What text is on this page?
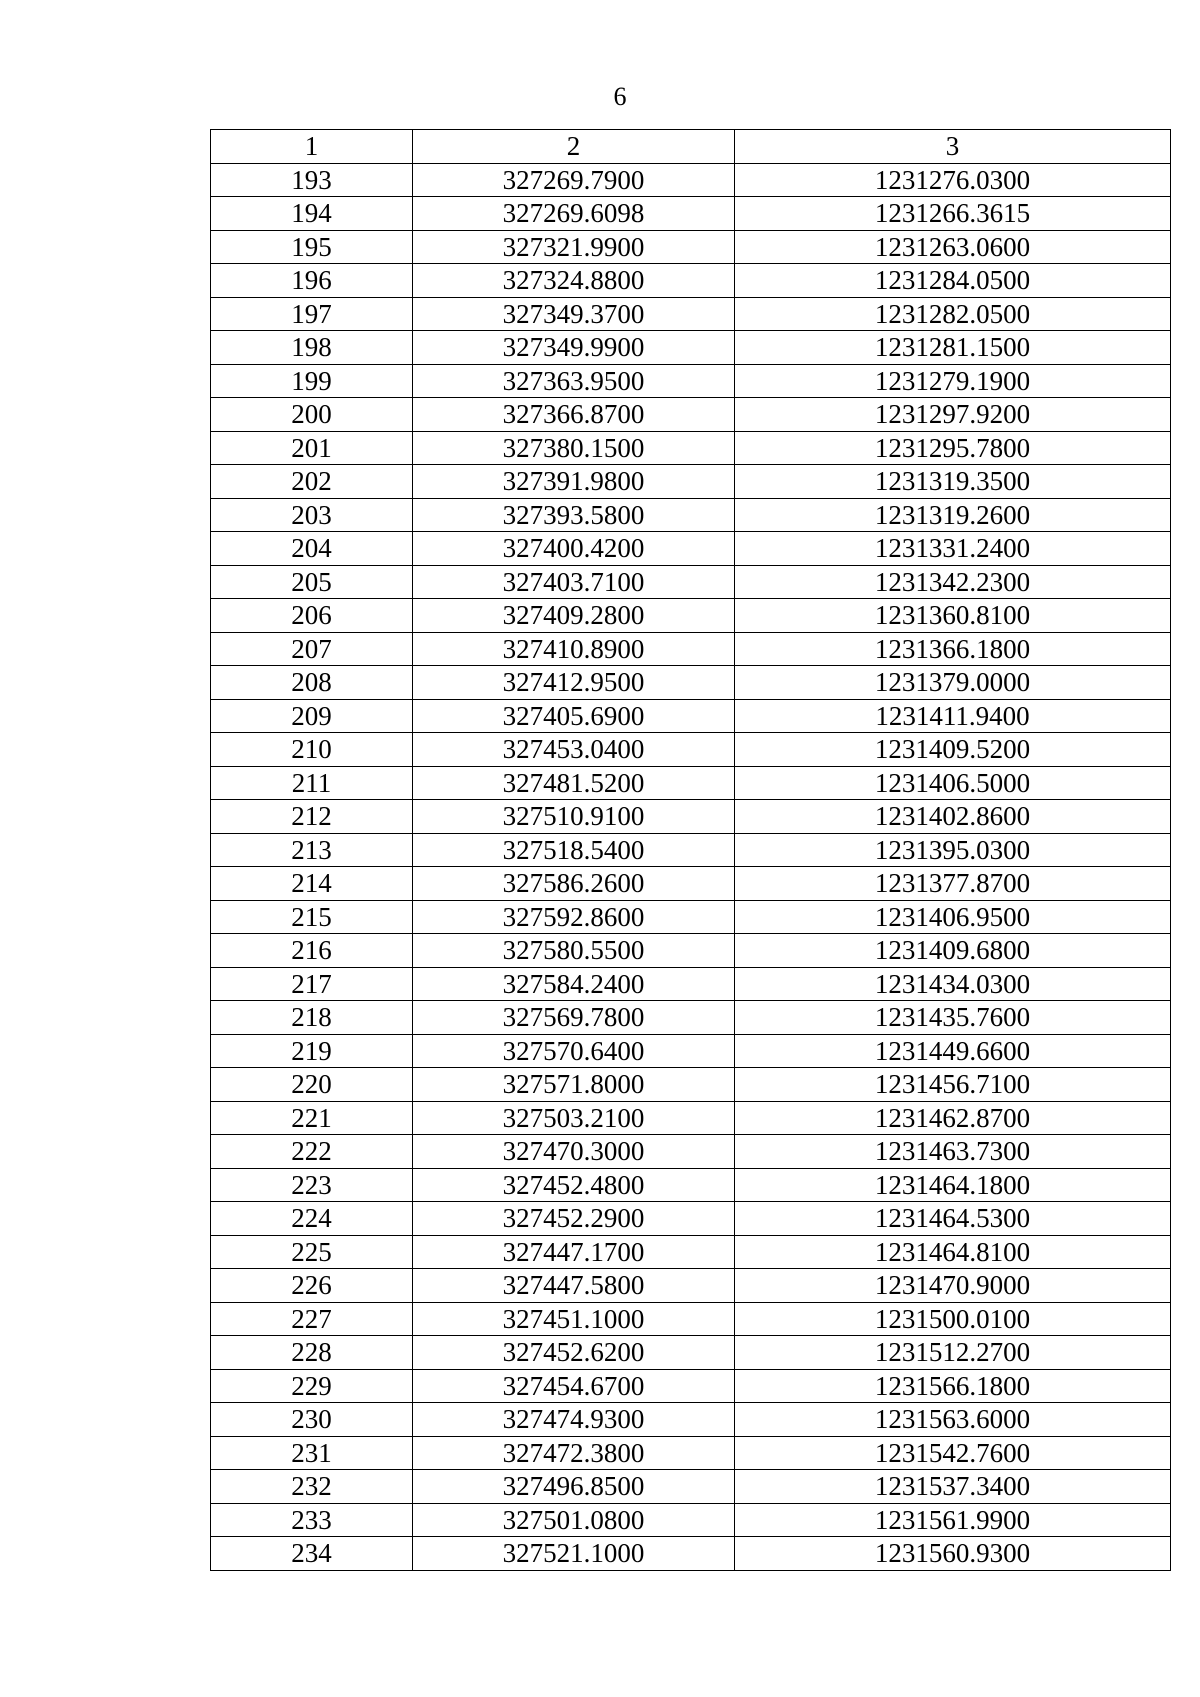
6
1	2	3
193	327269.7900	1231276.0300
194	327269.6098	1231266.3615
195	327321.9900	1231263.0600
196	327324.8800	1231284.0500
197	327349.3700	1231282.0500
198	327349.9900	1231281.1500
199	327363.9500	1231279.1900
200	327366.8700	1231297.9200
201	327380.1500	1231295.7800
202	327391.9800	1231319.3500
203	327393.5800	1231319.2600
204	327400.4200	1231331.2400
205	327403.7100	1231342.2300
206	327409.2800	1231360.8100
207	327410.8900	1231366.1800
208	327412.9500	1231379.0000
209	327405.6900	1231411.9400
210	327453.0400	1231409.5200
211	327481.5200	1231406.5000
212	327510.9100	1231402.8600
213	327518.5400	1231395.0300
214	327586.2600	1231377.8700
215	327592.8600	1231406.9500
216	327580.5500	1231409.6800
217	327584.2400	1231434.0300
218	327569.7800	1231435.7600
219	327570.6400	1231449.6600
220	327571.8000	1231456.7100
221	327503.2100	1231462.8700
222	327470.3000	1231463.7300
223	327452.4800	1231464.1800
224	327452.2900	1231464.5300
225	327447.1700	1231464.8100
226	327447.5800	1231470.9000
227	327451.1000	1231500.0100
228	327452.6200	1231512.2700
229	327454.6700	1231566.1800
230	327474.9300	1231563.6000
231	327472.3800	1231542.7600
232	327496.8500	1231537.3400
233	327501.0800	1231561.9900
234	327521.1000	1231560.9300
